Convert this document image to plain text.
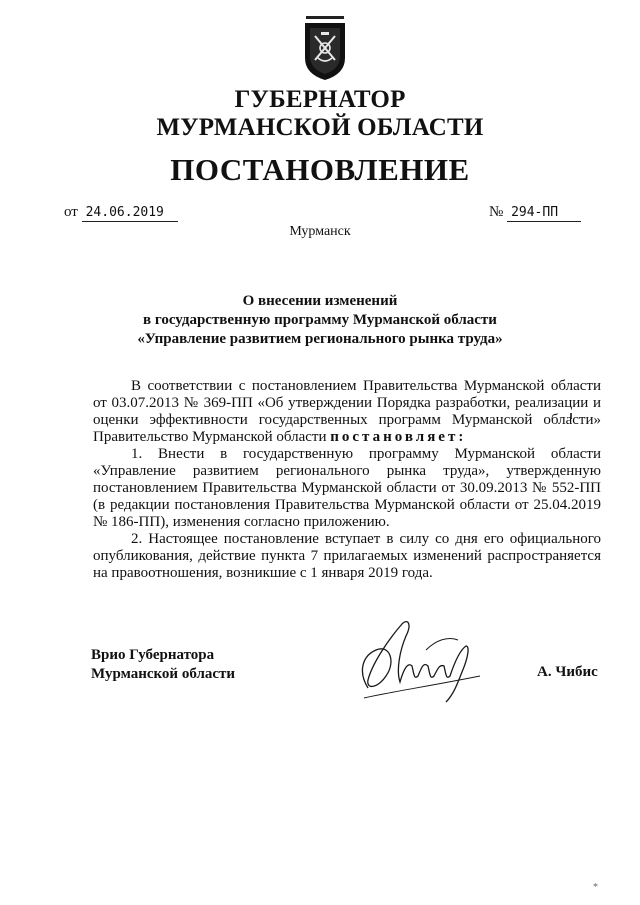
ГУБЕРНАТОР
МУРМАНСКОЙ ОБЛАСТИ
ПОСТАНОВЛЕНИЕ
от 24.06.2019	№ 294-ПП
Мурманск
О внесении изменений
в государственную программу Мурманской области
«Управление развитием регионального рынка труда»

В соответствии с постановлением Правительства Мурманской области от 03.07.2013 № 369-ПП «Об утверждении Порядка разработки, реализации и оценки эффективности государственных программ Мурманской области» Правительство Мурманской области постановляет:

1. Внести в государственную программу Мурманской области «Управление развитием регионального рынка труда», утвержденную постановлением Правительства Мурманской области от 30.09.2013 № 552-ПП (в редакции постановления Правительства Мурманской области от 25.04.2019 № 186-ПП), изменения согласно приложению.

2. Настоящее постановление вступает в силу со дня его официального опубликования, действие пункта 7 прилагаемых изменений распространяется на правоотношения, возникшие с 1 января 2019 года.

Врио Губернатора
Мурманской области	А. Чибис
*
